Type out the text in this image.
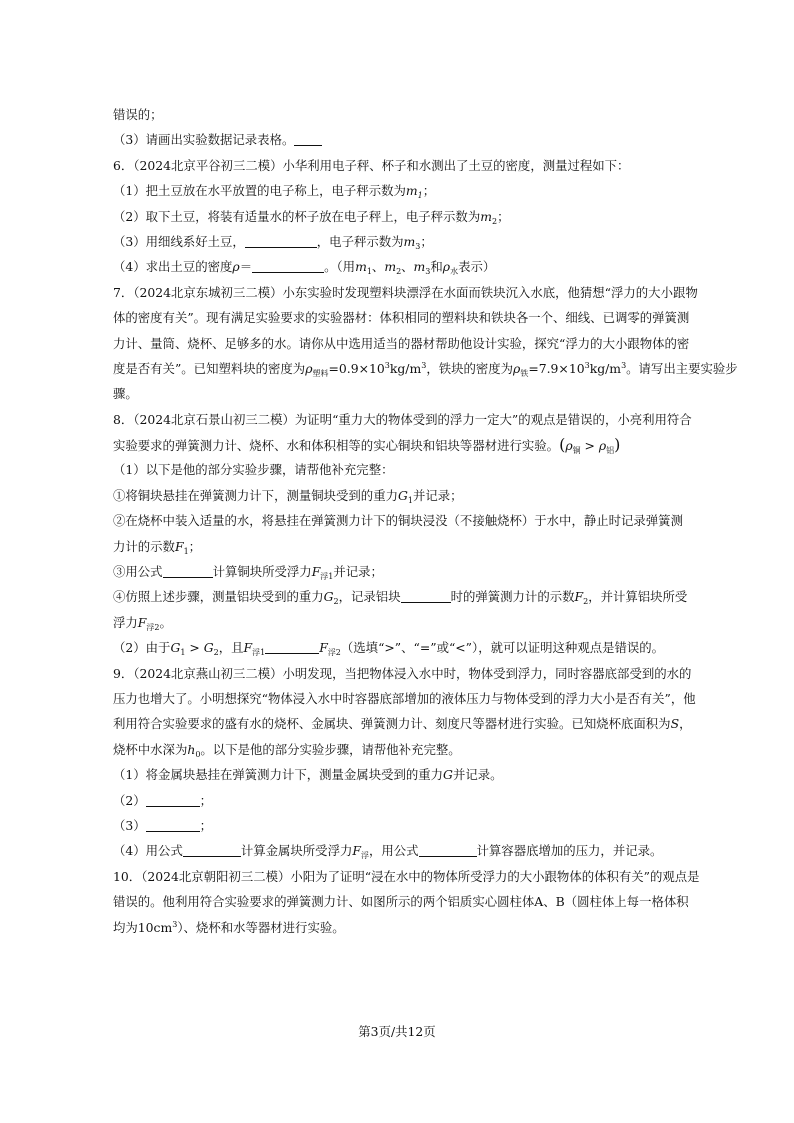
错误的；
（3）请画出实验数据记录表格。
6．（2024北京平谷初三二模）小华利用电子秤、杯子和水测出了土豆的密度，测量过程如下：
（1）把土豆放在水平放置的电子称上，电子秤示数为$m_1$；
（2）取下土豆，将装有适量水的杯子放在电子秤上，电子秤示数为$m_2$；
（3）用细线系好土豆，	，电子秤示数为$m_3$；
（4）求出土豆的密度ρ＝	。（用$m_1$、$m_2$、$m_3$和$\rho_水$表示）
7．（2024北京东城初三二模）小东实验时发现塑料块漂浮在水面而铁块沉入水底，他猜想“浮力的大小跟物
体的密度有关”。现有满足实验要求的实验器材：体积相同的塑料块和铁块各一个、细线、已调零的弹簧测
力计、量筒、烧杯、足够多的水。请你从中选用适当的器材帮助他设计实验，探究“浮力的大小跟物体的密
度是否有关”。已知塑料块的密度为$\rho_{塑料}=0.9\times 10^3kg/m^3$，铁块的密度为$\rho_铁=7.9\times 10^3kg/m^3$。请写出主要实验步
骤。
8．（2024北京石景山初三二模）为证明“重力大的物体受到的浮力一定大”的观点是错误的，小亮利用符合
实验要求的弹簧测力计、烧杯、水和体积相等的实心铜块和铝块等器材进行实验。$(\rho_铜 > \rho_铝)$
（1）以下是他的部分实验步骤，请帮他补充完整：
①将铜块悬挂在弹簧测力计下，测量铜块受到的重力$G_1$并记录；
②在烧杯中装入适量的水，将悬挂在弹簧测力计下的铜块浸没（不接触烧杯）于水中，静止时记录弹簧测
力计的示数$F_1$；
③用公式	计算铜块所受浮力$F_{浮1}$并记录；
④仿照上述步骤，测量铝块受到的重力$G_2$，记录铝块	时的弹簧测力计的示数$F_2$，并计算铝块所受
浮力$F_{浮2}$。
（2）由于$G_1 > G_2$，且$F_{浮1}$	$F_{浮2}$（选填“>”、“=”或“<”），就可以证明这种观点是错误的。
9．（2024北京燕山初三二模）小明发现，当把物体浸入水中时，物体受到浮力，同时容器底部受到的水的
压力也增大了。小明想探究“物体浸入水中时容器底部增加的液体压力与物体受到的浮力大小是否有关”，他
利用符合实验要求的盛有水的烧杯、金属块、弹簧测力计、刻度尺等器材进行实验。已知烧杯底面积为S，
烧杯中水深为$h_0$。以下是他的部分实验步骤，请帮他补充完整。
（1）将金属块悬挂在弹簧测力计下，测量金属块受到的重力G并记录。
（2）	；
（3）	；
（4）用公式	计算金属块所受浮力$F_浮$，用公式	计算容器底增加的压力，并记录。
10．（2024北京朝阳初三二模）小阳为了证明“浸在水中的物体所受浮力的大小跟物体的体积有关”的观点是
错误的。他利用符合实验要求的弹簧测力计、如图所示的两个铝质实心圆柱体A、B（圆柱体上每一格体积
均为$10cm^3$）、烧杯和水等器材进行实验。
第3页/共12页
